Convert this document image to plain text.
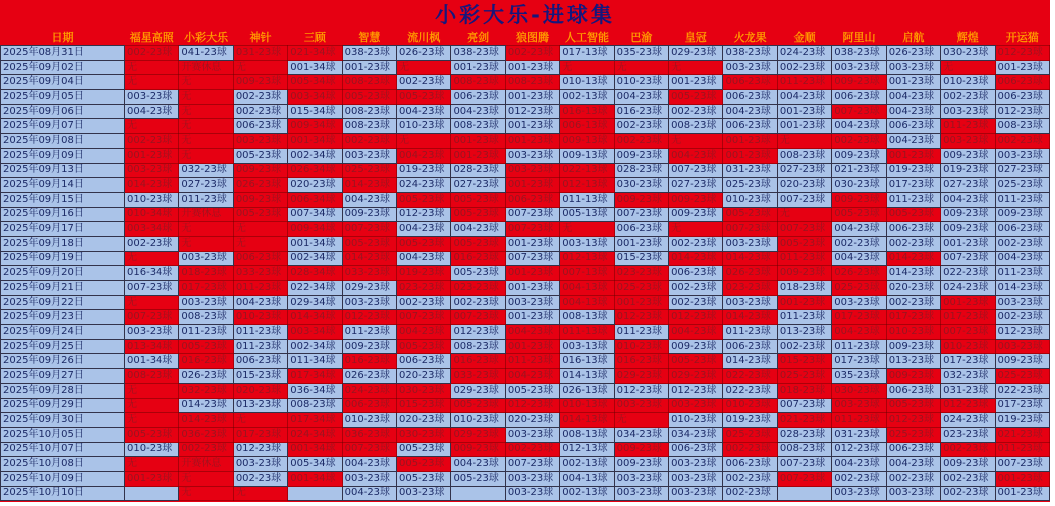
小彩大乐-进球集
日期	福星高照	小彩大乐	神针	三顾	智慧	流川枫	亮剑	狼图腾	人工智能	巴渝	皇冠	火龙果	金顺	阿里山	启航	辉煌	开运猫
2025年08月31日	002-23球	041-23球	031-23球	021-34球	038-23球	026-23球	038-23球	002-23球	017-13球	035-23球	029-23球	038-23球	024-23球	038-23球	026-23球	030-23球	012-23球
2025年09月02日	无	开赛休息	无	001-34球	001-23球	无	001-23球	001-23球	无	无	无	003-23球	002-23球	003-23球	003-23球	无	001-23球
2025年09月04日	无	无	009-23球	005-34球	008-23球	002-23球	008-23球	008-23球	010-13球	010-23球	001-23球	006-23球	011-23球	009-23球	001-23球	010-23球	006-23球
2025年09月05日	003-23球	无	002-23球	003-34球	005-23球	005-23球	006-23球	001-23球	002-13球	004-23球	005-23球	006-23球	004-23球	006-23球	004-23球	002-23球	006-23球
2025年09月06日	004-23球	无	002-23球	015-34球	008-23球	004-23球	004-23球	012-23球	016-13球	016-23球	002-23球	004-23球	001-23球	007-23球	004-23球	003-23球	012-23球
2025年09月07日	无	无	006-23球	009-34球	008-23球	010-23球	008-23球	001-23球	006-13球	002-23球	008-23球	006-23球	001-23球	004-23球	006-23球	011-23球	008-23球
2025年09月08日	002-23球	无	003-23球	001-34球	002-23球	无	001-23球	001-23球	009-13球	002-23球	无	001-23球	无	002-23球	004-23球	003-23球	002-23球
2025年09月09日	001-23球	无	005-23球	002-34球	003-23球	004-23球	001-23球	003-23球	009-13球	009-23球	004-23球	001-23球	008-23球	009-23球	001-23球	009-23球	003-23球
2025年09月13日	003-23球	032-23球	009-23球	026-34球	025-23球	019-23球	028-23球	003-23球	022-13球	028-23球	007-23球	031-23球	027-23球	021-23球	019-23球	019-23球	027-23球
2025年09月14日	014-23球	027-23球	026-23球	020-23球	014-23球	024-23球	027-23球	001-23球	012-13球	030-23球	027-23球	025-23球	020-23球	030-23球	017-23球	027-23球	025-23球
2025年09月15日	010-23球	011-23球	009-23球	006-34球	004-23球	005-23球	005-23球	006-23球	011-13球	009-23球	009-23球	010-23球	007-23球	009-23球	011-23球	004-23球	011-23球
2025年09月16日	010-34球	开赛休息	005-23球	007-34球	009-23球	012-23球	005-23球	007-23球	005-13球	007-23球	009-23球	005-23球	无	005-23球	005-23球	009-23球	009-23球
2025年09月17日	003-34球	无	无	009-34球	007-23球	004-23球	004-23球	007-23球	无	006-23球	无	007-23球	007-23球	004-23球	006-23球	009-23球	006-23球
2025年09月18日	002-23球	无	无	001-34球	005-23球	005-23球	005-23球	001-23球	003-13球	001-23球	002-23球	003-23球	005-23球	002-23球	002-23球	001-23球	002-23球
2025年09月19日	无	003-23球	006-23球	002-34球	014-23球	004-23球	016-23球	007-23球	012-13球	015-23球	014-23球	014-23球	011-23球	004-23球	014-23球	007-23球	004-23球
2025年09月20日	016-34球	018-23球	033-23球	028-34球	033-23球	019-23球	005-23球	001-23球	007-13球	023-23球	006-23球	026-23球	009-23球	026-23球	014-23球	022-23球	011-23球
2025年09月21日	007-23球	017-23球	011-23球	022-34球	029-23球	023-23球	023-23球	001-23球	004-13球	025-23球	002-23球	023-23球	018-23球	025-23球	020-23球	024-23球	014-23球
2025年09月22日	无	003-23球	004-23球	029-34球	003-23球	002-23球	002-23球	003-23球	004-13球	001-23球	002-23球	003-23球	001-23球	003-23球	002-23球	001-23球	003-23球
2025年09月23日	007-23球	008-23球	010-23球	014-34球	012-23球	007-23球	007-23球	001-23球	008-13球	012-23球	012-23球	014-23球	011-23球	017-23球	017-23球	017-23球	002-23球
2025年09月24日	003-23球	011-23球	011-23球	003-34球	011-23球	004-23球	012-23球	004-23球	011-13球	011-23球	004-23球	011-23球	013-23球	004-23球	010-23球	007-23球	012-23球
2025年09月25日	013-34球	005-23球	011-23球	002-34球	009-23球	005-23球	008-23球	001-23球	003-13球	010-23球	009-23球	006-23球	002-23球	011-23球	009-23球	010-23球	003-23球
2025年09月26日	001-34球	016-23球	006-23球	011-34球	016-23球	006-23球	016-23球	011-23球	016-13球	016-23球	005-23球	014-23球	015-23球	017-23球	013-23球	017-23球	009-23球
2025年09月27日	008-23球	026-23球	015-23球	017-34球	026-23球	020-23球	033-23球	004-23球	014-13球	029-23球	029-23球	022-23球	025-23球	035-23球	009-23球	032-23球	025-23球
2025年09月28日	无	032-23球	020-23球	036-34球	024-23球	030-23球	029-23球	005-23球	026-13球	012-23球	012-23球	022-23球	018-23球	030-23球	006-23球	031-23球	022-23球
2025年09月29日	无	014-23球	013-23球	008-23球	006-23球	015-23球	005-23球	012-23球	010-13球	003-23球	003-23球	010-23球	007-23球	003-23球	005-23球	012-23球	017-23球
2025年09月30日	无	014-23球	无	017-34球	010-23球	020-23球	010-23球	020-23球	014-13球	无	010-23球	019-23球	021-23球	011-23球	012-23球	024-23球	019-23球
2025年10月05日	005-23球	036-23球	017-23球	024-34球	036-23球	030-23球	029-23球	003-23球	008-13球	034-23球	034-23球	025-23球	028-23球	031-23球	025-23球	023-23球	021-23球
2025年10月07日	010-23球	002-23球	012-23球	001-34球	007-23球	005-23球	009-23球	002-23球	012-13球	009-23球	006-23球	002-23球	008-23球	012-23球	006-23球	002-23球	011-23球
2025年10月08日	无	开赛休息	003-23球	005-34球	004-23球	005-23球	004-23球	007-23球	002-13球	009-23球	003-23球	006-23球	007-23球	004-23球	004-23球	009-23球	007-23球
2025年10月09日	001-23球	无	002-23球	001-34球	003-23球	005-23球	005-23球	003-23球	004-13球	003-23球	003-23球	002-23球	007-23球	002-23球	002-23球	002-23球	001-23球
2025年10月10日		无	无		004-23球	003-23球		003-23球	002-13球	003-23球	003-23球	002-23球		003-23球	003-23球	002-23球	001-23球
